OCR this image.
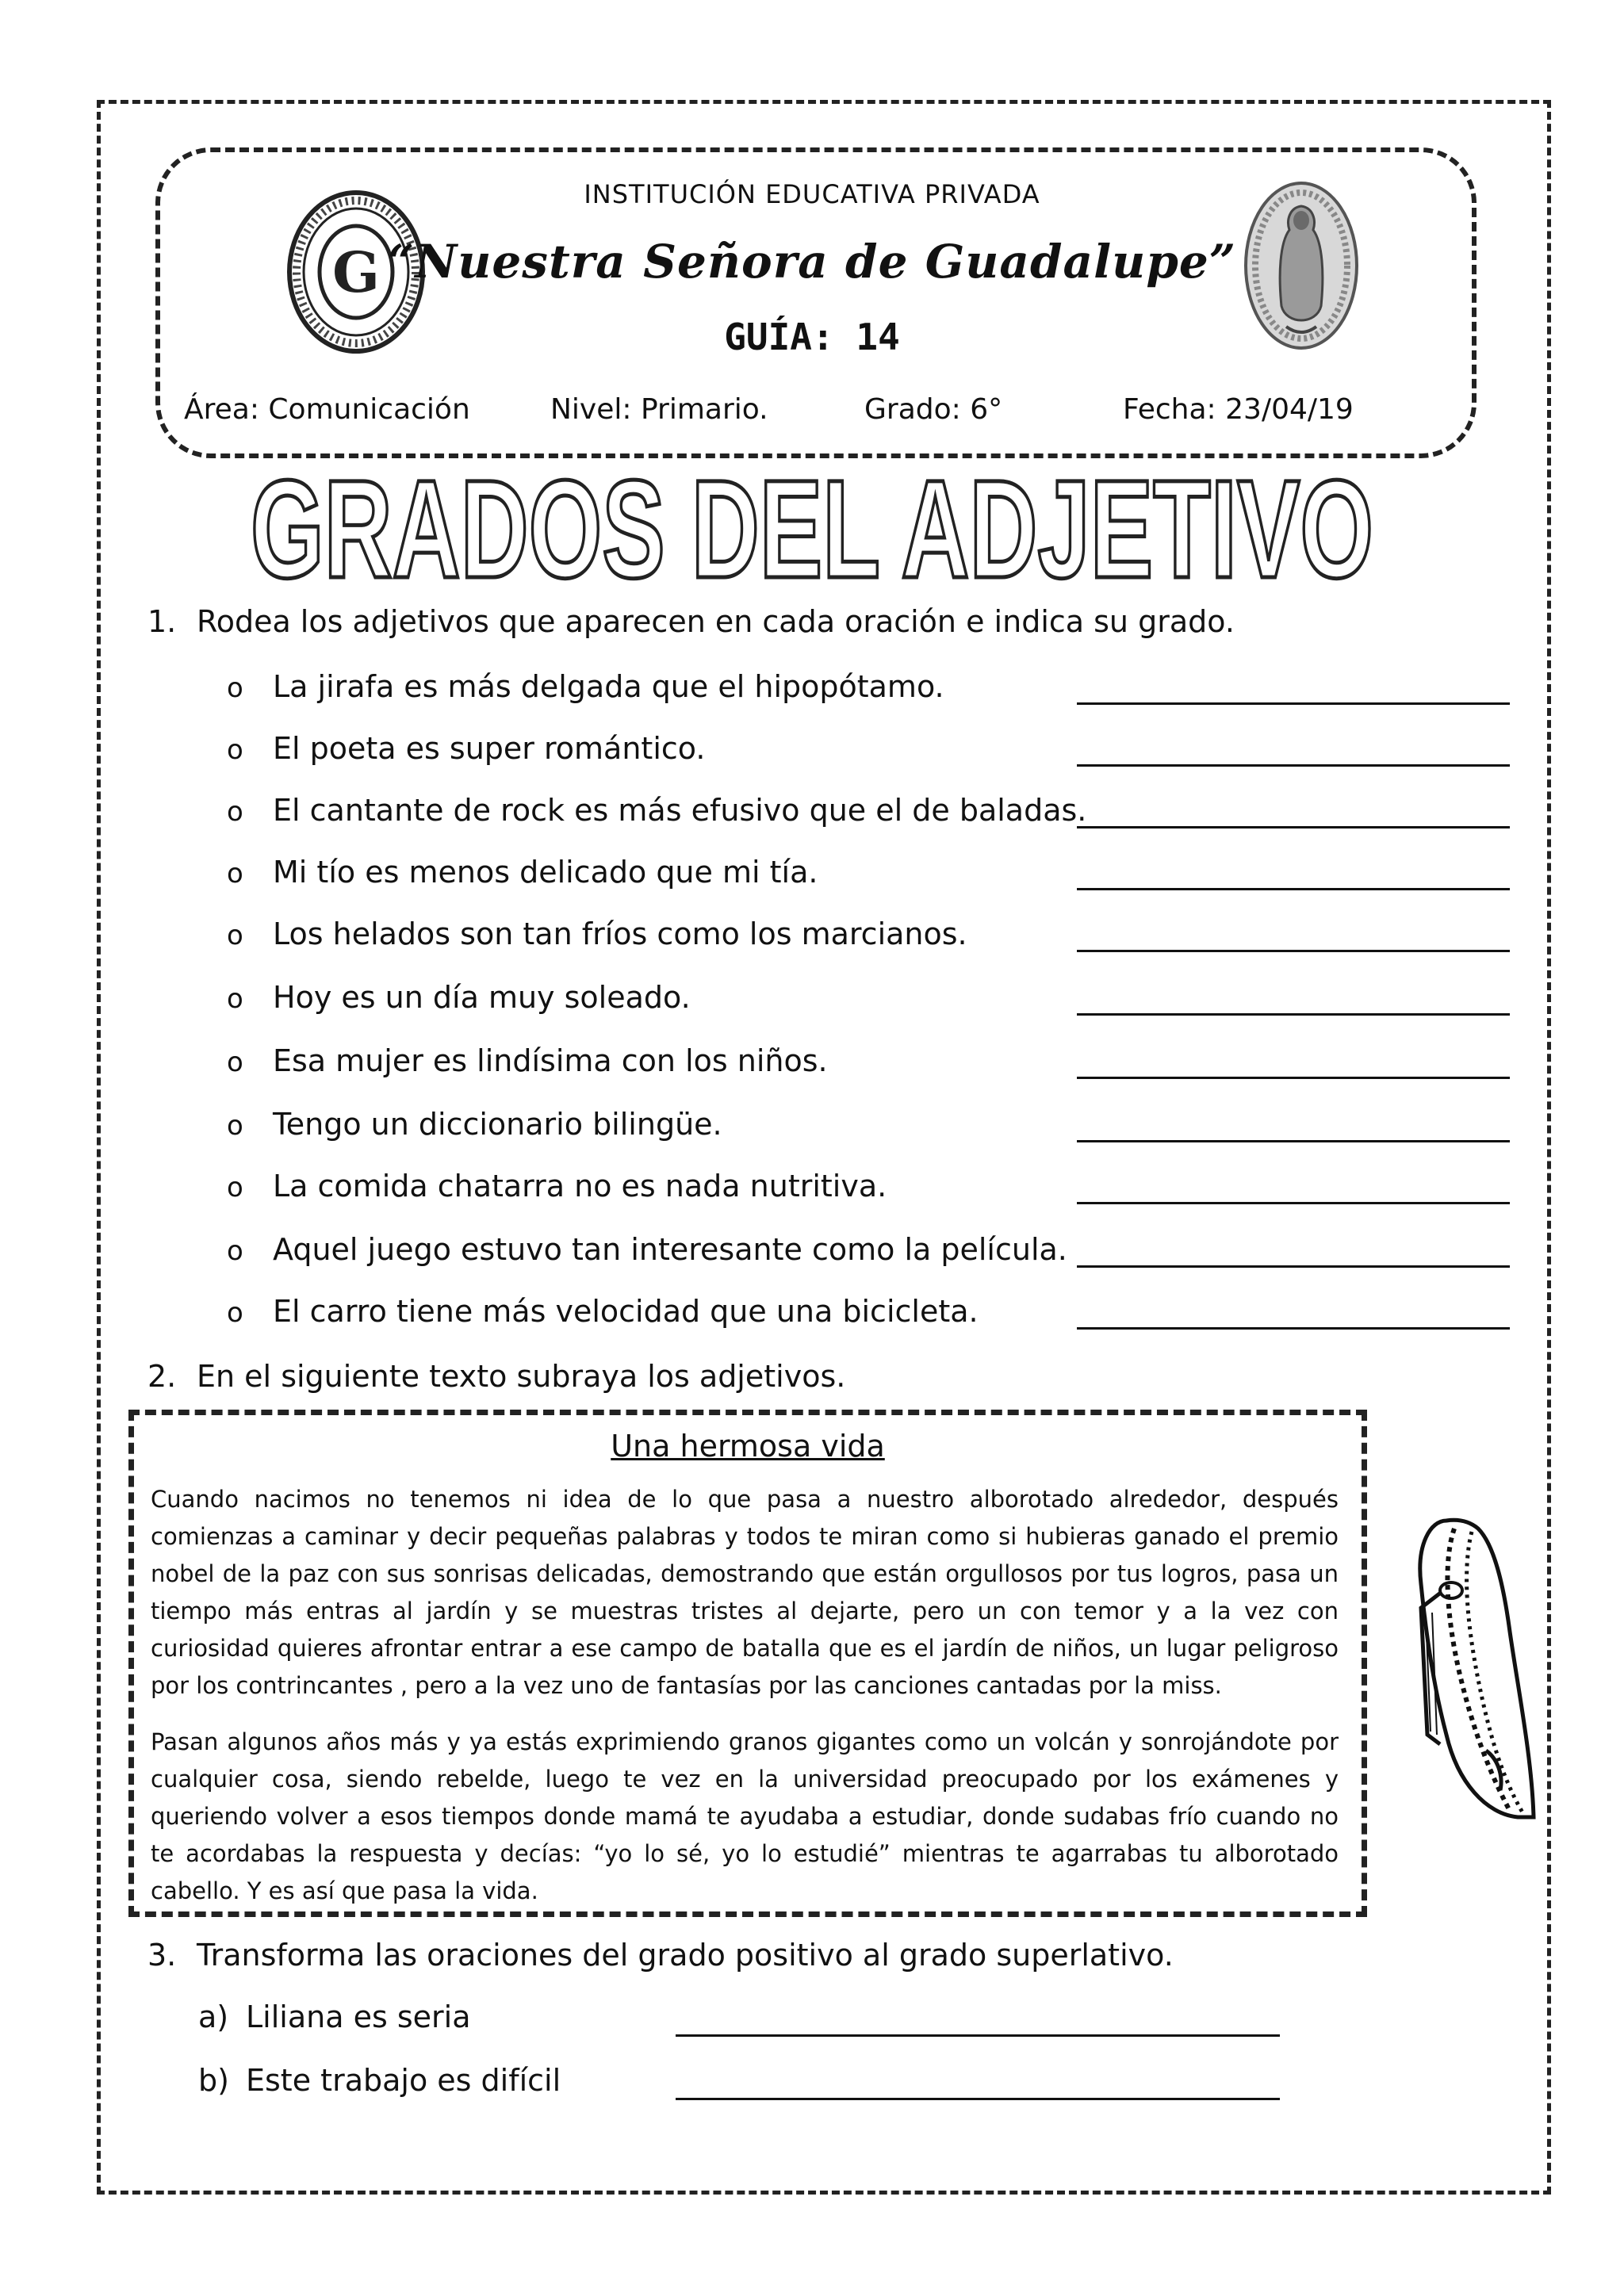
G
INSTITUCIÓN EDUCATIVA PRIVADA
“Nuestra Señora de Guadalupe”
GUÍA: 14
Área: Comunicación	Nivel: Primario.	Grado: 6°	Fecha: 23/04/19
GRADOS DEL ADJETIVO
1. Rodea los adjetivos que aparecen en cada oración e indica su grado.
o La jirafa es más delgada que el hipopótamo.
o El poeta es super romántico.
o El cantante de rock es más efusivo que el de baladas.
o Mi tío es menos delicado que mi tía.
o Los helados son tan fríos como los marcianos.
o Hoy es un día muy soleado.
o Esa mujer es lindísima con los niños.
o Tengo un diccionario bilingüe.
o La comida chatarra no es nada nutritiva.
o Aquel juego estuvo tan interesante como la película.
o El carro tiene más velocidad que una bicicleta.
2. En el siguiente texto subraya los adjetivos.
Una hermosa vida

Cuando nacimos no tenemos ni idea de lo que pasa a nuestro alborotado alrededor, después comienzas a caminar y decir pequeñas palabras y todos te miran como si hubieras ganado el premio nobel de la paz con sus sonrisas delicadas, demostrando que están orgullosos por tus logros, pasa un tiempo más entras al jardín y se muestras tristes al dejarte, pero un con temor y a la vez con curiosidad quieres afrontar entrar a ese campo de batalla que es el jardín de niños, un lugar peligroso por los contrincantes , pero a la vez uno de fantasías por las canciones cantadas por la miss.

Pasan algunos años más y ya estás exprimiendo granos gigantes como un volcán y sonrojándote por cualquier cosa, siendo rebelde, luego te vez en la universidad preocupado por los exámenes y queriendo volver a esos tiempos donde mamá te ayudaba a estudiar, donde sudabas frío cuando no te acordabas la respuesta y decías: “yo lo sé, yo lo estudié” mientras te agarrabas tu alborotado cabello. Y es así que pasa la vida.

3. Transforma las oraciones del grado positivo al grado superlativo.
a) Liliana es seria
b) Este trabajo es difícil
